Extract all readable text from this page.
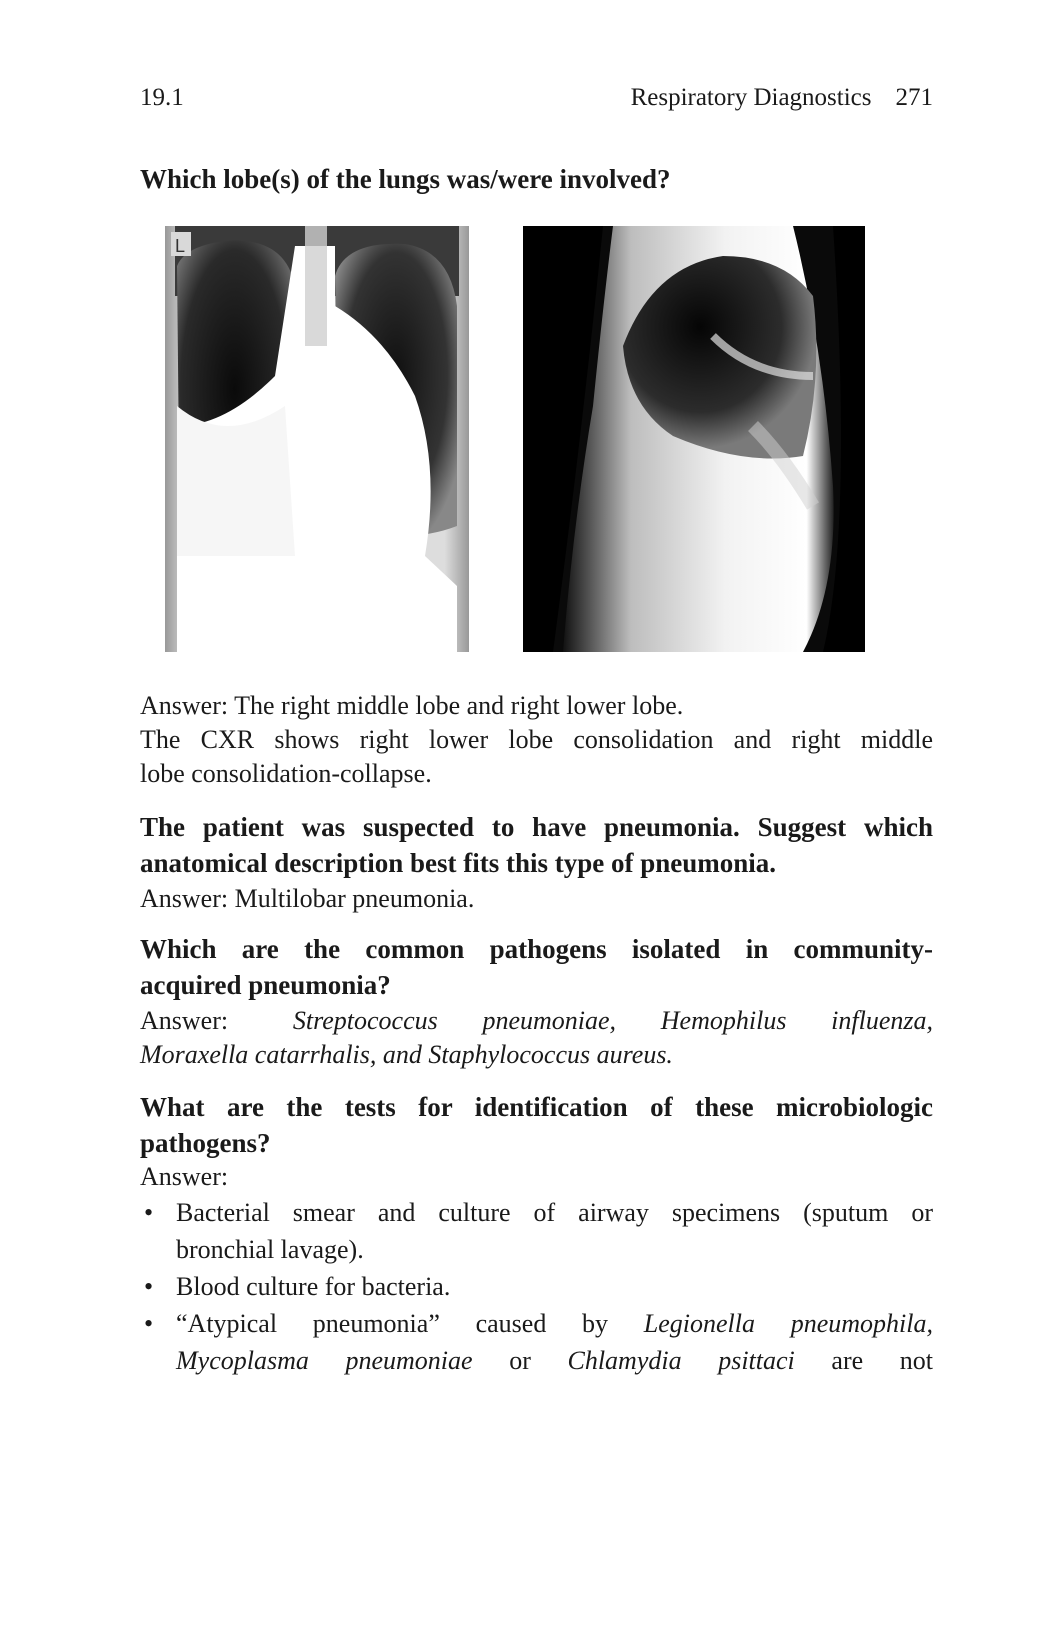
19.1	Respiratory Diagnostics 271
Which lobe(s) of the lungs was/were involved?
L
Answer: The right middle lobe and right lower lobe.
The CXR shows right lower lobe consolidation and right middle
lobe consolidation-collapse.
The patient was suspected to have pneumonia. Suggest which
anatomical description best fits this type of pneumonia.
Answer: Multilobar pneumonia.
Which are the common pathogens isolated in community-
acquired pneumonia?
Answer: Streptococcus pneumoniae, Hemophilus influenza,
Moraxella catarrhalis, and Staphylococcus aureus.
What are the tests for identification of these microbiologic
pathogens?
Answer:
• Bacterial smear and culture of airway specimens (sputum or
bronchial lavage).
• Blood culture for bacteria.
• “Atypical pneumonia” caused by Legionella pneumophila,
Mycoplasma pneumoniae or Chlamydia psittaci are not
